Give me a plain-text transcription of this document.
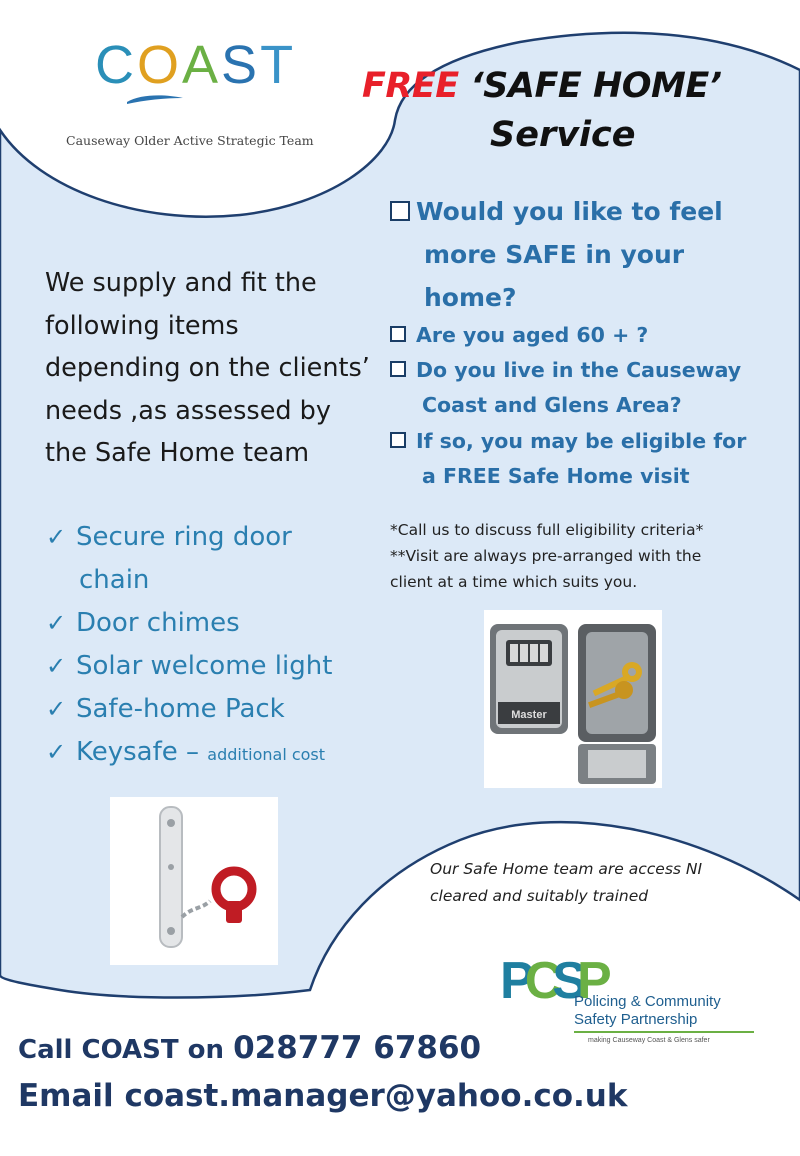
COAST
Causeway Older Active Strategic Team
FREE ‘SAFE HOME’
Service
Would you like to feel
more SAFE in your
home?
Are you aged 60 + ?
Do you live in the Causeway
Coast and Glens Area?
If so, you may be eligible for
a FREE Safe Home visit
*Call us to discuss full eligibility criteria*
**Visit are always pre-arranged with the
client at a time which suits you.
We supply and fit the following items depending on the clients’ needs ,as assessed by the Safe Home team
✓ Secure ring door
chain
✓ Door chimes
✓ Solar welcome light
✓ Safe-home Pack
✓ Keysafe – additional cost
Master
Our Safe Home team are access NI cleared and suitably trained
PCSP
Policing & Community
Safety Partnership
making Causeway Coast & Glens safer
Call COAST on 028777 67860
Email coast.manager@yahoo.co.uk
